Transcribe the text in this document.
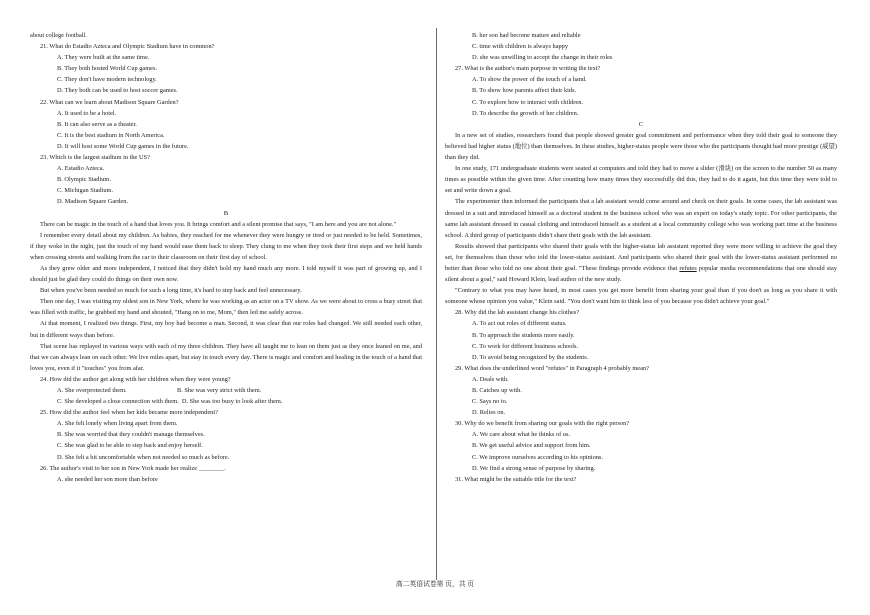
about college football.
21. What do Estadio Azteca and Olympic Stadium have in common?
A. They were built at the same time.
B. They both hosted World Cup games.
C. They don't have modern technology.
D. They both can be used to host soccer games.
22. What can we learn about Madison Square Garden?
A. It used to be a hotel.
B. It can also serve as a theater.
C. It is the best stadium in North America.
D. It will host some World Cup games in the future.
23. Which is the largest stadium in the US?
A. Estadio Azteca.
B. Olympic Stadium.
C. Michigan Stadium.
D. Madison Square Garden.
B
There can be magic in the touch of a hand that loves you. It brings comfort and a silent promise that says, "I am here and you are not alone."
I remember every detail about my children. As babies, they reached for me whenever they were hungry or tired or just needed to be held. Sometimes, if they woke in the night, just the touch of my hand would ease them back to sleep. They clung to me when they took their first steps and we held hands when crossing streets and walking from the car to their classroom on their first day of school.
As they grew older and more independent, I noticed that they didn't hold my hand much any more. I told myself it was part of growing up, and I should just be glad they could do things on their own now.
But when you've been needed so much for such a long time, it's hard to step back and feel unnecessary.
Then one day, I was visiting my oldest son in New York, where he was working as an actor on a TV show. As we were about to cross a busy street that was filled with traffic, he grabbed my hand and shouted, "Hang on to me, Mom," then led me safely across.
At that moment, I realized two things. First, my boy had become a man. Second, it was clear that our roles had changed. We still needed each other, but in different ways than before.
That scene has replayed in various ways with each of my three children. They have all taught me to lean on them just as they once leaned on me, and that we can always lean on each other. We live miles apart, but stay in touch every day. There is magic and comfort and healing in the touch of a hand that loves you, even if it "touches" you from afar.
24. How did the author get along with her children when they were young?
A. She overprotected them.	B. She was very strict with them.
C. She developed a close connection with them. D. She was too busy to look after them.
25. How did the author feel when her kids became more independent?
A. She felt lonely when living apart from them.
B. She was worried that they couldn't manage themselves.
C. She was glad to be able to step back and enjoy herself.
D. She felt a bit uncomfortable when not needed so much as before.
26. The author's visit to her son in New York made her realize ________.
A. she needed her son more than before
B. her son had become mature and reliable
C. time with children is always happy
D. she was unwilling to accept the change in their roles
27. What is the author's main purpose in writing the text?
A. To show the power of the touch of a hand.
B. To show how parents affect their kids.
C. To explore how to interact with children.
D. To describe the growth of her children.
C
In a new set of studies, researchers found that people showed greater goal commitment and performance when they told their goal to someone they believed had higher status (地位) than themselves. In these studies, higher-status people were those who the participants thought had more prestige (威望) than they did.
In one study, 171 undergraduate students were seated at computers and told they had to move a slider (滑块) on the screen to the number 50 as many times as possible within the given time. After counting how many times they successfully did this, they had to do it again, but this time they were told to set and write down a goal.
The experimenter then informed the participants that a lab assistant would come around and check on their goals. In some cases, the lab assistant was dressed in a suit and introduced himself as a doctoral student in the business school who was an expert on today's study topic. For other participants, the same lab assistant dressed in casual clothing and introduced himself as a student at a local community college who was working part time at the business school. A third group of participants didn't share their goals with the lab assistant.
Results showed that participants who shared their goals with the higher-status lab assistant reported they were more willing to achieve the goal they set, for themselves than those who told the lower-status assistant. And participants who shared their goal with the lower-status assistant performed no better than those who told no one about their goal. "These findings provide evidence that refutes popular media recommendations that one should stay silent about a goal," said Howard Klein, lead author of the new study.
"Contrary to what you may have heard, in most cases you get more benefit from sharing your goal than if you don't as long as you share it with someone whose opinion you value," Klein said. "You don't want him to think less of you because you didn't achieve your goal."
28. Why did the lab assistant change his clothes?
A. To act out roles of different status.
B. To approach the students more easily.
C. To work for different business schools.
D. To avoid being recognized by the students.
29. What does the underlined word "refutes" in Paragraph 4 probably mean?
A. Deals with.
B. Catches up with.
C. Says no to.
D. Relies on.
30. Why do we benefit from sharing our goals with the right person?
A. We care about what he thinks of us.
B. We get useful advice and support from him.
C. We improve ourselves according to his opinions.
D. We find a strong sense of purpose by sharing.
31. What might be the suitable title for the text?
高二英语试卷第 页，共 页
